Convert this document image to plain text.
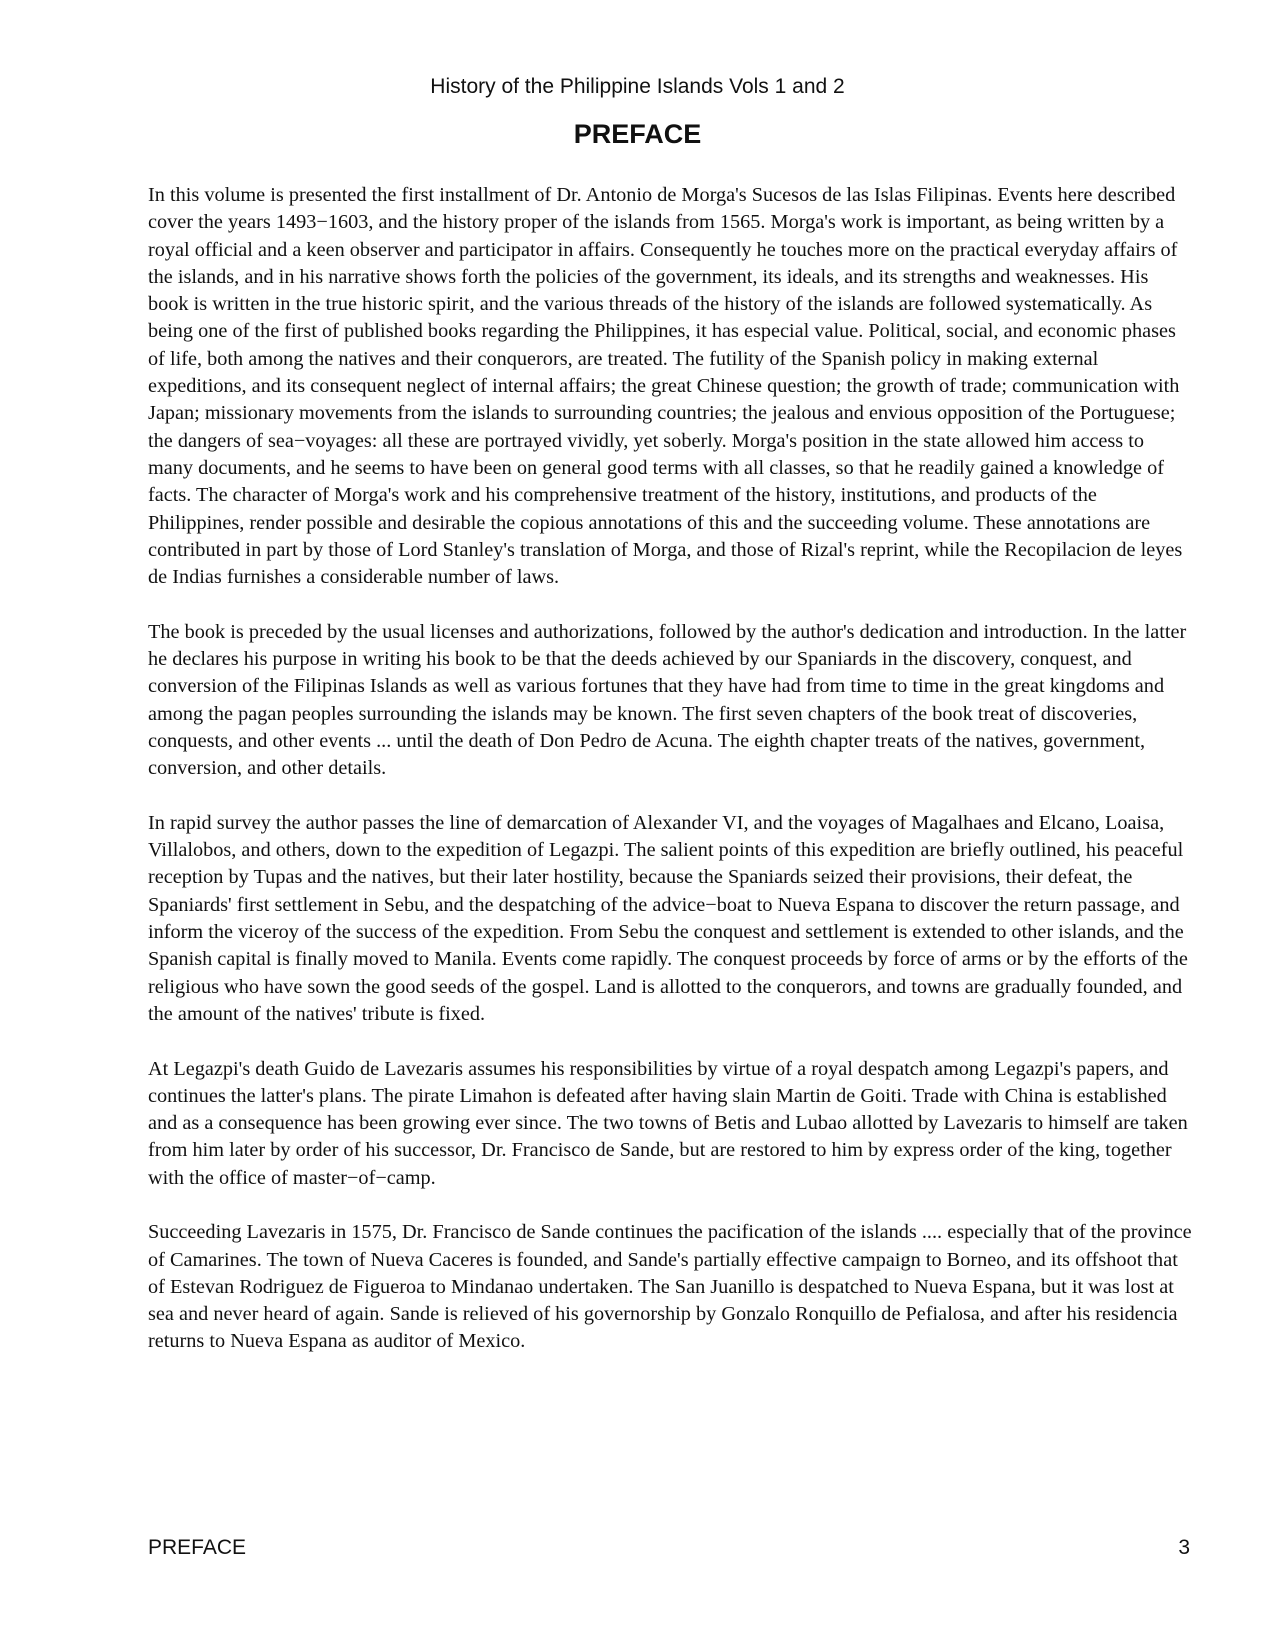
History of the Philippine Islands Vols 1 and 2
PREFACE

In this volume is presented the first installment of Dr. Antonio de Morga's Sucesos de las Islas Filipinas. Events here described cover the years 1493−1603, and the history proper of the islands from 1565. Morga's work is important, as being written by a royal official and a keen observer and participator in affairs. Consequently he touches more on the practical everyday affairs of the islands, and in his narrative shows forth the policies of the government, its ideals, and its strengths and weaknesses. His book is written in the true historic spirit, and the various threads of the history of the islands are followed systematically. As being one of the first of published books regarding the Philippines, it has especial value. Political, social, and economic phases of life, both among the natives and their conquerors, are treated. The futility of the Spanish policy in making external expeditions, and its consequent neglect of internal affairs; the great Chinese question; the growth of trade; communication with Japan; missionary movements from the islands to surrounding countries; the jealous and envious opposition of the Portuguese; the dangers of sea−voyages: all these are portrayed vividly, yet soberly. Morga's position in the state allowed him access to many documents, and he seems to have been on general good terms with all classes, so that he readily gained a knowledge of facts. The character of Morga's work and his comprehensive treatment of the history, institutions, and products of the Philippines, render possible and desirable the copious annotations of this and the succeeding volume. These annotations are contributed in part by those of Lord Stanley's translation of Morga, and those of Rizal's reprint, while the Recopilacion de leyes de Indias furnishes a considerable number of laws.

The book is preceded by the usual licenses and authorizations, followed by the author's dedication and introduction. In the latter he declares his purpose in writing his book to be that the deeds achieved by our Spaniards in the discovery, conquest, and conversion of the Filipinas Islands as well as various fortunes that they have had from time to time in the great kingdoms and among the pagan peoples surrounding the islands may be known. The first seven chapters of the book treat of discoveries, conquests, and other events ... until the death of Don Pedro de Acuna. The eighth chapter treats of the natives, government, conversion, and other details.

In rapid survey the author passes the line of demarcation of Alexander VI, and the voyages of Magalhaes and Elcano, Loaisa, Villalobos, and others, down to the expedition of Legazpi. The salient points of this expedition are briefly outlined, his peaceful reception by Tupas and the natives, but their later hostility, because the Spaniards seized their provisions, their defeat, the Spaniards' first settlement in Sebu, and the despatching of the advice−boat to Nueva Espana to discover the return passage, and inform the viceroy of the success of the expedition. From Sebu the conquest and settlement is extended to other islands, and the Spanish capital is finally moved to Manila. Events come rapidly. The conquest proceeds by force of arms or by the efforts of the religious who have sown the good seeds of the gospel. Land is allotted to the conquerors, and towns are gradually founded, and the amount of the natives' tribute is fixed.

At Legazpi's death Guido de Lavezaris assumes his responsibilities by virtue of a royal despatch among Legazpi's papers, and continues the latter's plans. The pirate Limahon is defeated after having slain Martin de Goiti. Trade with China is established and as a consequence has been growing ever since. The two towns of Betis and Lubao allotted by Lavezaris to himself are taken from him later by order of his successor, Dr. Francisco de Sande, but are restored to him by express order of the king, together with the office of master−of−camp.

Succeeding Lavezaris in 1575, Dr. Francisco de Sande continues the pacification of the islands .... especially that of the province of Camarines. The town of Nueva Caceres is founded, and Sande's partially effective campaign to Borneo, and its offshoot that of Estevan Rodriguez de Figueroa to Mindanao undertaken. The San Juanillo is despatched to Nueva Espana, but it was lost at sea and never heard of again. Sande is relieved of his governorship by Gonzalo Ronquillo de Pefialosa, and after his residencia returns to Nueva Espana as auditor of Mexico.

PREFACE	3
